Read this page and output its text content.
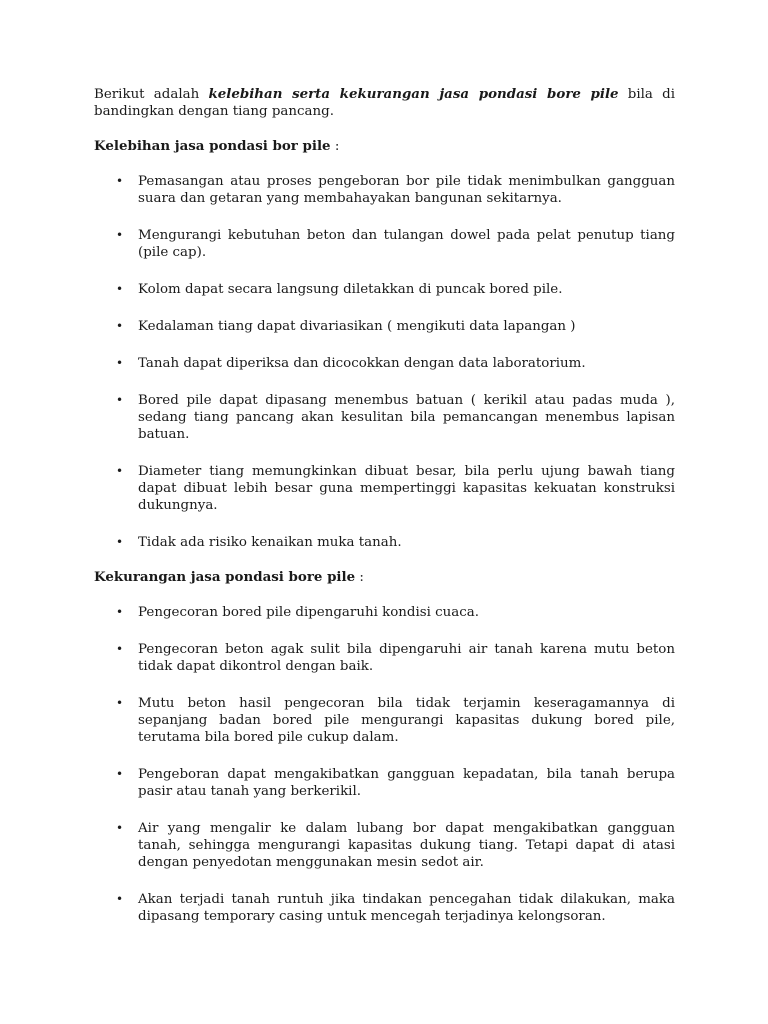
Berikut adalah kelebihan serta kekurangan jasa pondasi bore pile bila di bandingkan dengan tiang pancang.

Kelebihan jasa pondasi bor pile :

• Pemasangan atau proses pengeboran bor pile tidak menimbulkan gangguan suara dan getaran yang membahayakan bangunan sekitarnya.
• Mengurangi kebutuhan beton dan tulangan dowel pada pelat penutup tiang (pile cap).
• Kolom dapat secara langsung diletakkan di puncak bored pile.
• Kedalaman tiang dapat divariasikan ( mengikuti data lapangan )
• Tanah dapat diperiksa dan dicocokkan dengan data laboratorium.
• Bored pile dapat dipasang menembus batuan ( kerikil atau padas muda ), sedang tiang pancang akan kesulitan bila pemancangan menembus lapisan batuan.
• Diameter tiang memungkinkan dibuat besar, bila perlu ujung bawah tiang dapat dibuat lebih besar guna mempertinggi kapasitas kekuatan konstruksi dukungnya.
• Tidak ada risiko kenaikan muka tanah.

Kekurangan jasa pondasi bore pile :

• Pengecoran bored pile dipengaruhi kondisi cuaca.
• Pengecoran beton agak sulit bila dipengaruhi air tanah karena mutu beton tidak dapat dikontrol dengan baik.
• Mutu beton hasil pengecoran bila tidak terjamin keseragamannya di sepanjang badan bored pile mengurangi kapasitas dukung bored pile, terutama bila bored pile cukup dalam.
• Pengeboran dapat mengakibatkan gangguan kepadatan, bila tanah berupa pasir atau tanah yang berkerikil.
• Air yang mengalir ke dalam lubang bor dapat mengakibatkan gangguan tanah, sehingga mengurangi kapasitas dukung tiang. Tetapi dapat di atasi dengan penyedotan menggunakan mesin sedot air.
• Akan terjadi tanah runtuh jika tindakan pencegahan tidak dilakukan, maka dipasang temporary casing untuk mencegah terjadinya kelongsoran.
